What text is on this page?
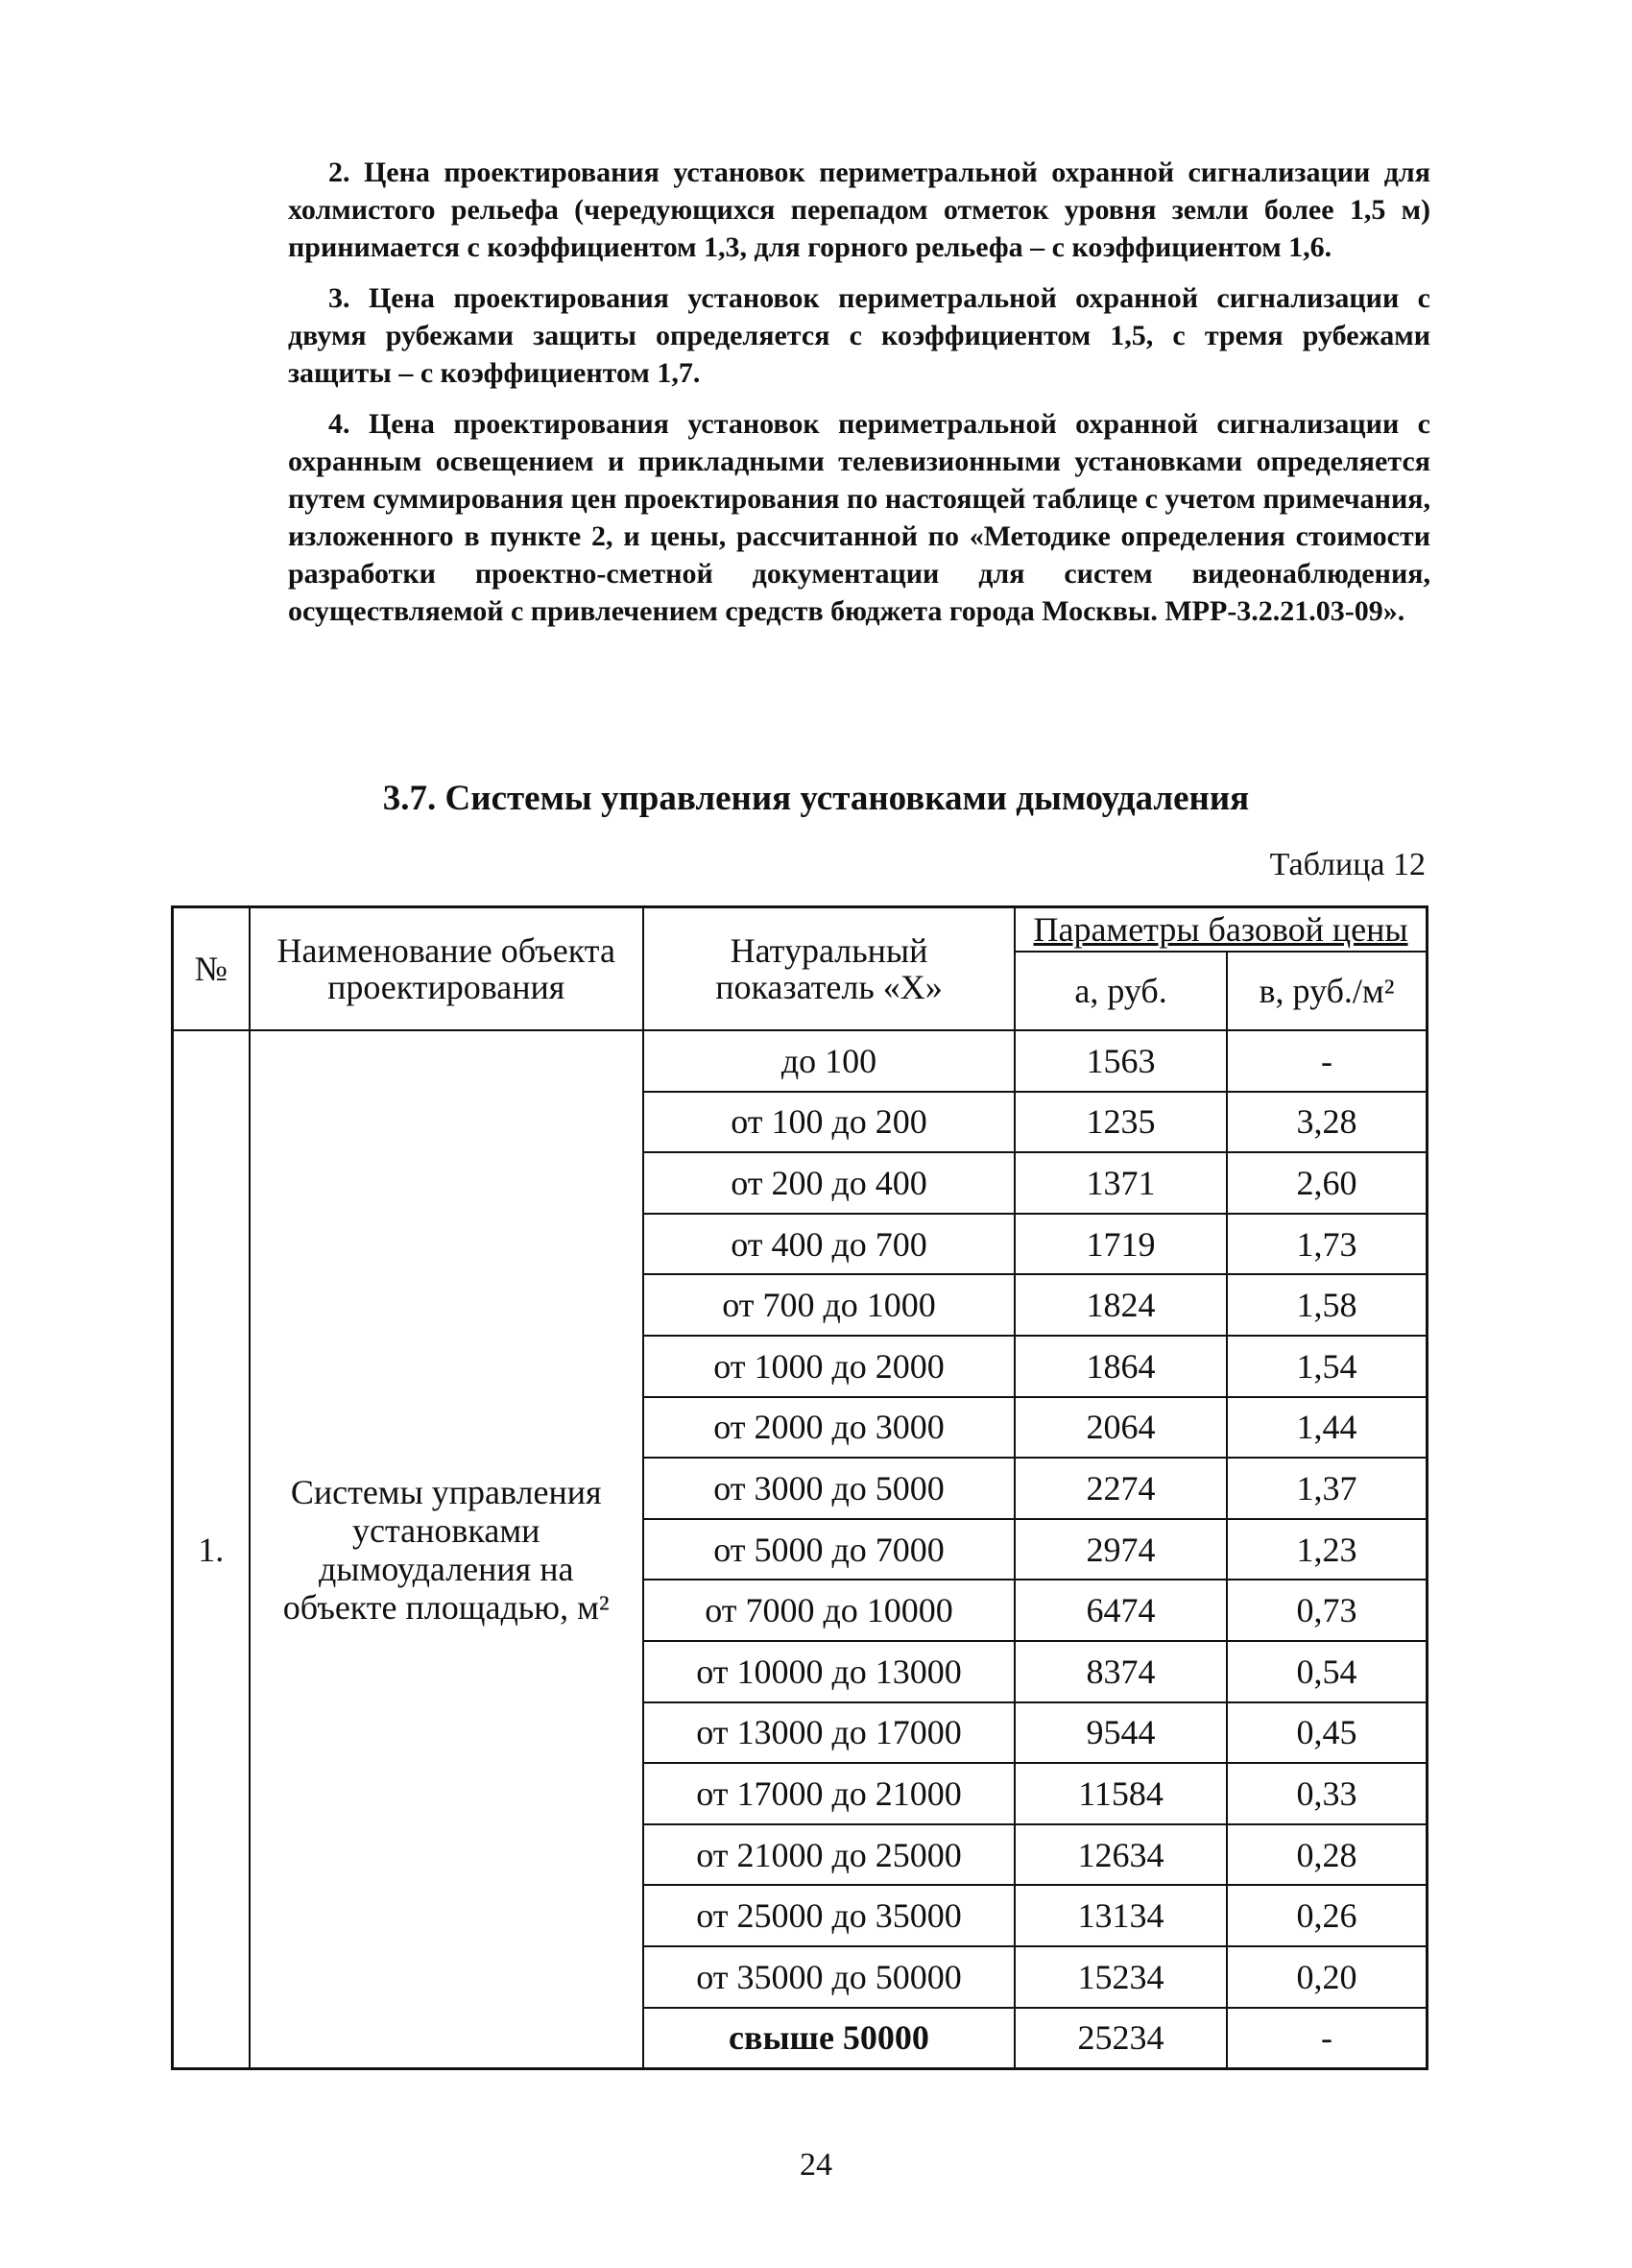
2. Цена проектирования установок периметральной охранной сигнализации для холмистого рельефа (чередующихся перепадом отметок уровня земли более 1,5 м) принимается с коэффициентом 1,3, для горного рельефа – с коэффициентом 1,6.

3. Цена проектирования установок периметральной охранной сигнализации с двумя рубежами защиты определяется с коэффициентом 1,5, с тремя рубежами защиты – с коэффициентом 1,7.

4. Цена проектирования установок периметральной охранной сигнализации с охранным освещением и прикладными телевизионными установками определяется путем суммирования цен проектирования по настоящей таблице с учетом примечания, изложенного в пункте 2, и цены, рассчитанной по «Методике определения стоимости разработки проектно-сметной документации для систем видеонаблюдения, осуществляемой с привлечением средств бюджета города Москвы. МРР-3.2.21.03-09».

3.7. Системы управления установками дымоудаления

Таблица 12

№	Наименование объекта проектирования	Натуральный показатель «X»	Параметры базовой цены	
			а, руб.	в, руб./м²
1.	Системы управления установками дымоудаления на объекте площадью, м²	до 100	1563	-
		от 100 до 200	1235	3,28
		от 200 до 400	1371	2,60
		от 400 до 700	1719	1,73
		от 700 до 1000	1824	1,58
		от 1000 до 2000	1864	1,54
		от 2000 до 3000	2064	1,44
		от 3000 до 5000	2274	1,37
		от 5000 до 7000	2974	1,23
		от 7000 до 10000	6474	0,73
		от 10000 до 13000	8374	0,54
		от 13000 до 17000	9544	0,45
		от 17000 до 21000	11584	0,33
		от 21000 до 25000	12634	0,28
		от 25000 до 35000	13134	0,26
		от 35000 до 50000	15234	0,20
		свыше 50000	25234	-

24
